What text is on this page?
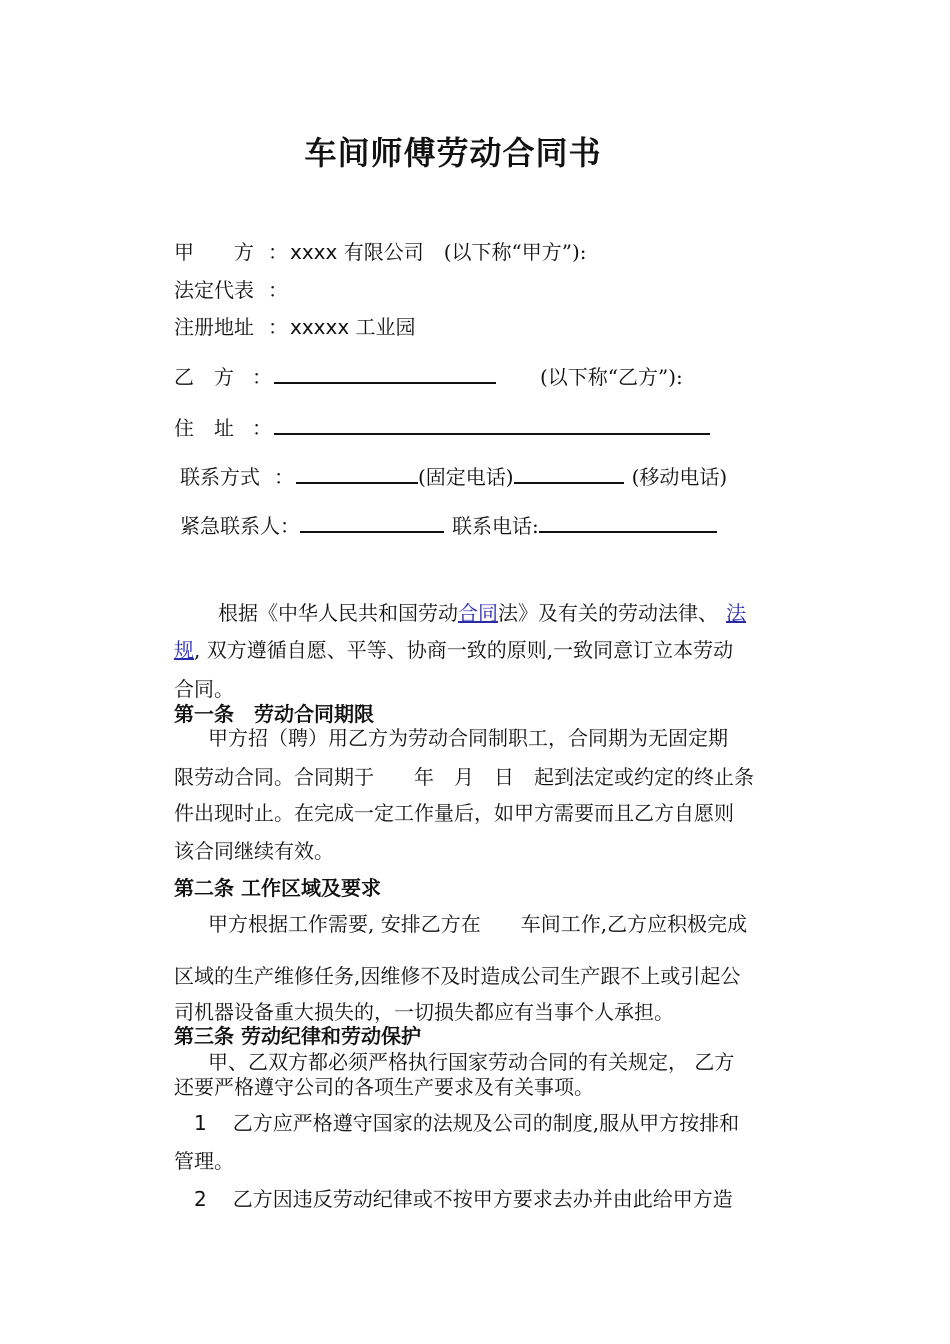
车间师傅劳动合同书
甲　　方 ： xxxx 有限公司 (以下称“甲方”):
法定代表 ：
注册地址 ： xxxxx 工业园
乙　方 ：	(以下称“乙方”):
住　址 ：
联系方式 ：	(固定电话)	(移动电话)
紧急联系人：	联系电话:
根据《中华人民共和国劳动合同法》及有关的劳动法律、 法
规, 双方遵循自愿、平等、协商一致的原则,一致同意订立本劳动
合同。
第一条　劳动合同期限
甲方招（聘）用乙方为劳动合同制职工，合同期为无固定期
限劳动合同。合同期于　　年　月　日　起到法定或约定的终止条
件出现时止。在完成一定工作量后，如甲方需要而且乙方自愿则
该合同继续有效。
第二条 工作区域及要求
甲方根据工作需要, 安排乙方在　　车间工作,乙方应积极完成
区域的生产维修任务,因维修不及时造成公司生产跟不上或引起公
司机器设备重大损失的，一切损失都应有当事个人承担。
第三条 劳动纪律和劳动保护
甲、乙双方都必须严格执行国家劳动合同的有关规定， 乙方
还要严格遵守公司的各项生产要求及有关事项。
1 乙方应严格遵守国家的法规及公司的制度,服从甲方按排和
管理。
2 乙方因违反劳动纪律或不按甲方要求去办并由此给甲方造
